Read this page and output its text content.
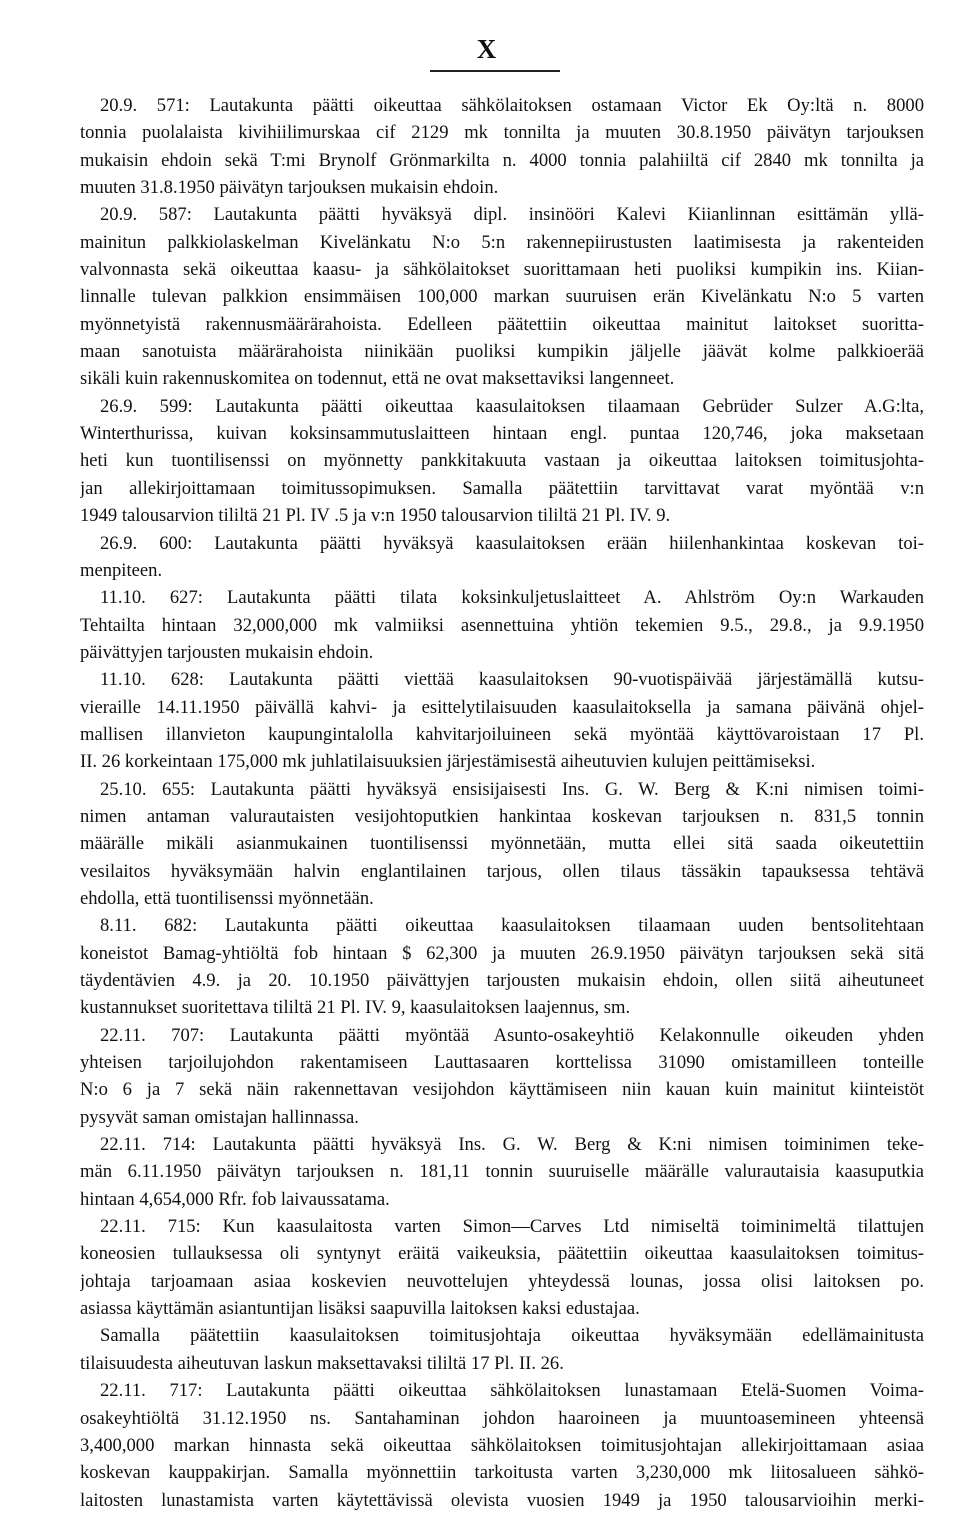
X
20.9. 571: Lautakunta päätti oikeuttaa sähkölaitoksen ostamaan Victor Ek Oy:ltä n. 8000
tonnia puolalaista kivihiilimurskaa cif 2129 mk tonnilta ja muuten 30.8.1950 päivätyn tarjouksen
mukaisin ehdoin sekä T:mi Brynolf Grönmarkilta n. 4000 tonnia palahiiltä cif 2840 mk tonnilta ja
muuten 31.8.1950 päivätyn tarjouksen mukaisin ehdoin.
20.9. 587: Lautakunta päätti hyväksyä dipl. insinööri Kalevi Kiianlinnan esittämän yllä-
mainitun palkkiolaskelman Kivelänkatu N:o 5:n rakennepiirustusten laatimisesta ja rakenteiden
valvonnasta sekä oikeuttaa kaasu- ja sähkölaitokset suorittamaan heti puoliksi kumpikin ins. Kiian-
linnalle tulevan palkkion ensimmäisen 100,000 markan suuruisen erän Kivelänkatu N:o 5 varten
myönnetyistä rakennusmäärärahoista. Edelleen päätettiin oikeuttaa mainitut laitokset suoritta-
maan sanotuista määrärahoista niinikään puoliksi kumpikin jäljelle jäävät kolme palkkioerää
sikäli kuin rakennuskomitea on todennut, että ne ovat maksettaviksi langenneet.
26.9. 599: Lautakunta päätti oikeuttaa kaasulaitoksen tilaamaan Gebrüder Sulzer A.G:lta,
Winterthurissa, kuivan koksinsammutuslaitteen hintaan engl. puntaa 120,746, joka maksetaan
heti kun tuontilisenssi on myönnetty pankkitakuuta vastaan ja oikeuttaa laitoksen toimitusjohta-
jan allekirjoittamaan toimitussopimuksen. Samalla päätettiin tarvittavat varat myöntää v:n
1949 talousarvion tililtä 21 Pl. IV .5 ja v:n 1950 talousarvion tililtä 21 Pl. IV. 9.
26.9. 600: Lautakunta päätti hyväksyä kaasulaitoksen erään hiilenhankintaa koskevan toi-
menpiteen.
11.10. 627: Lautakunta päätti tilata koksinkuljetuslaitteet A. Ahlström Oy:n Warkauden
Tehtailta hintaan 32,000,000 mk valmiiksi asennettuina yhtiön tekemien 9.5., 29.8., ja 9.9.1950
päivättyjen tarjousten mukaisin ehdoin.
11.10. 628: Lautakunta päätti viettää kaasulaitoksen 90-vuotispäivää järjestämällä kutsu-
vieraille 14.11.1950 päivällä kahvi- ja esittelytilaisuuden kaasulaitoksella ja samana päivänä ohjel-
mallisen illanvieton kaupungintalolla kahvitarjoiluineen sekä myöntää käyttövaroistaan 17 Pl.
II. 26 korkeintaan 175,000 mk juhlatilaisuuksien järjestämisestä aiheutuvien kulujen peittämiseksi.
25.10. 655: Lautakunta päätti hyväksyä ensisijaisesti Ins. G. W. Berg & K:ni nimisen toimi-
nimen antaman valurautaisten vesijohtoputkien hankintaa koskevan tarjouksen n. 831,5 tonnin
määrälle mikäli asianmukainen tuontilisenssi myönnetään, mutta ellei sitä saada oikeutettiin
vesilaitos hyväksymään halvin englantilainen tarjous, ollen tilaus tässäkin tapauksessa tehtävä
ehdolla, että tuontilisenssi myönnetään.
8.11. 682: Lautakunta päätti oikeuttaa kaasulaitoksen tilaamaan uuden bentsolitehtaan
koneistot Bamag-yhtiöltä fob hintaan $ 62,300 ja muuten 26.9.1950 päivätyn tarjouksen sekä sitä
täydentävien 4.9. ja 20. 10.1950 päivättyjen tarjousten mukaisin ehdoin, ollen siitä aiheutuneet
kustannukset suoritettava tililtä 21 Pl. IV. 9, kaasulaitoksen laajennus, sm.
22.11. 707: Lautakunta päätti myöntää Asunto-osakeyhtiö Kelakonnulle oikeuden yhden
yhteisen tarjoilujohdon rakentamiseen Lauttasaaren korttelissa 31090 omistamilleen tonteille
N:o 6 ja 7 sekä näin rakennettavan vesijohdon käyttämiseen niin kauan kuin mainitut kiinteistöt
pysyvät saman omistajan hallinnassa.
22.11. 714: Lautakunta päätti hyväksyä Ins. G. W. Berg & K:ni nimisen toiminimen teke-
män 6.11.1950 päivätyn tarjouksen n. 181,11 tonnin suuruiselle määrälle valurautaisia kaasuputkia
hintaan 4,654,000 Rfr. fob laivaussatama.
22.11. 715: Kun kaasulaitosta varten Simon—Carves Ltd nimiseltä toiminimeltä tilattujen
koneosien tullauksessa oli syntynyt eräitä vaikeuksia, päätettiin oikeuttaa kaasulaitoksen toimitus-
johtaja tarjoamaan asiaa koskevien neuvottelujen yhteydessä lounas, jossa olisi laitoksen po.
asiassa käyttämän asiantuntijan lisäksi saapuvilla laitoksen kaksi edustajaa.
Samalla päätettiin kaasulaitoksen toimitusjohtaja oikeuttaa hyväksymään edellämainitusta
tilaisuudesta aiheutuvan laskun maksettavaksi tililtä 17 Pl. II. 26.
22.11. 717: Lautakunta päätti oikeuttaa sähkölaitoksen lunastamaan Etelä-Suomen Voima-
osakeyhtiöltä 31.12.1950 ns. Santahaminan johdon haaroineen ja muuntoasemineen yhteensä
3,400,000 markan hinnasta sekä oikeuttaa sähkölaitoksen toimitusjohtajan allekirjoittamaan asiaa
koskevan kauppakirjan. Samalla myönnettiin tarkoitusta varten 3,230,000 mk liitosalueen sähkö-
laitosten lunastamista varten käytettävissä olevista vuosien 1949 ja 1950 talousarvioihin merki-
